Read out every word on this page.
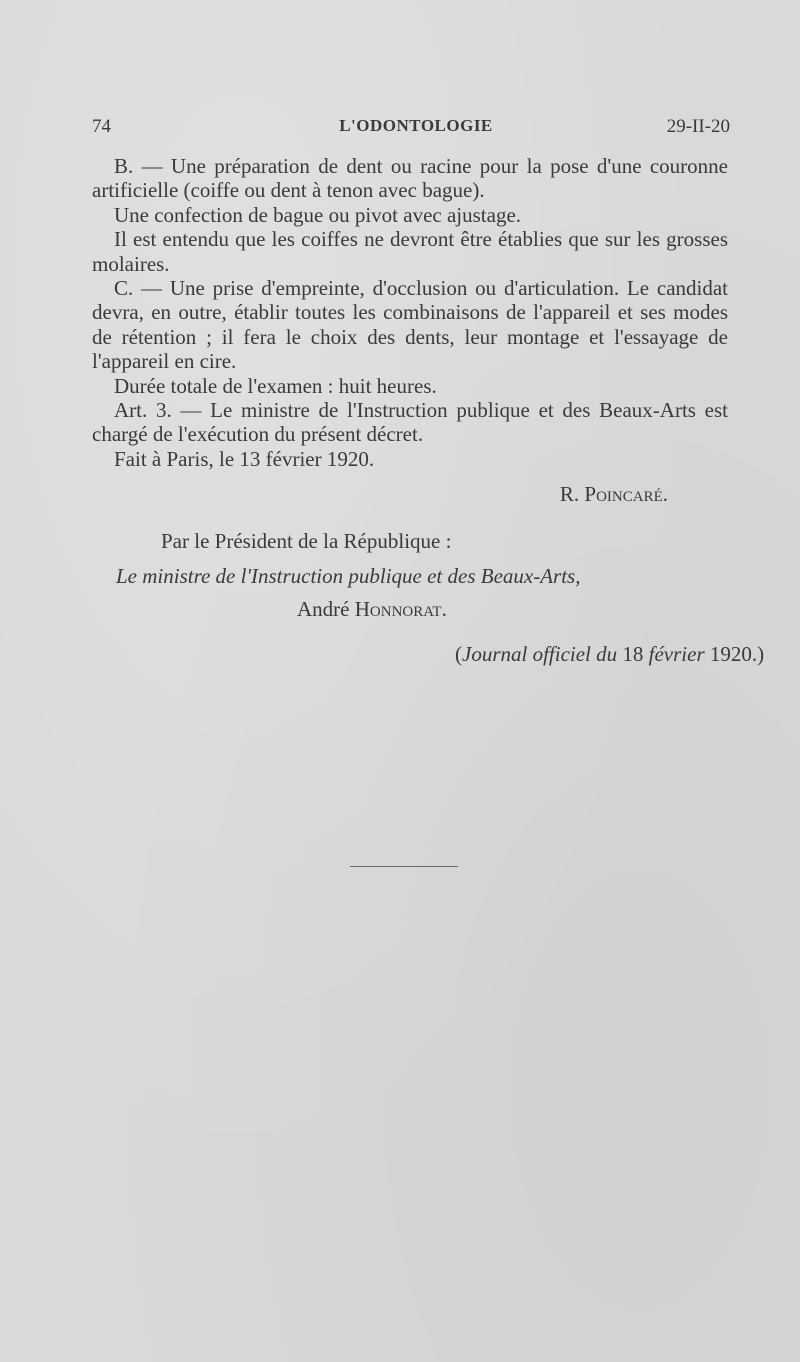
74	L'ODONTOLOGIE	29-II-20

B. — Une préparation de dent ou racine pour la pose d'une couronne artificielle (coiffe ou dent à tenon avec bague).

Une confection de bague ou pivot avec ajustage.

Il est entendu que les coiffes ne devront être établies que sur les grosses molaires.

C. — Une prise d'empreinte, d'occlusion ou d'articulation. Le candidat devra, en outre, établir toutes les combinaisons de l'appareil et ses modes de rétention ; il fera le choix des dents, leur montage et l'essayage de l'appareil en cire.

Durée totale de l'examen : huit heures.

Art. 3. — Le ministre de l'Instruction publique et des Beaux-Arts est chargé de l'exécution du présent décret.

Fait à Paris, le 13 février 1920.

R. Poincaré.
Par le Président de la République :
Le ministre de l'Instruction publique et des Beaux-Arts,
André Honnorat.
(Journal officiel du 18 février 1920.)
